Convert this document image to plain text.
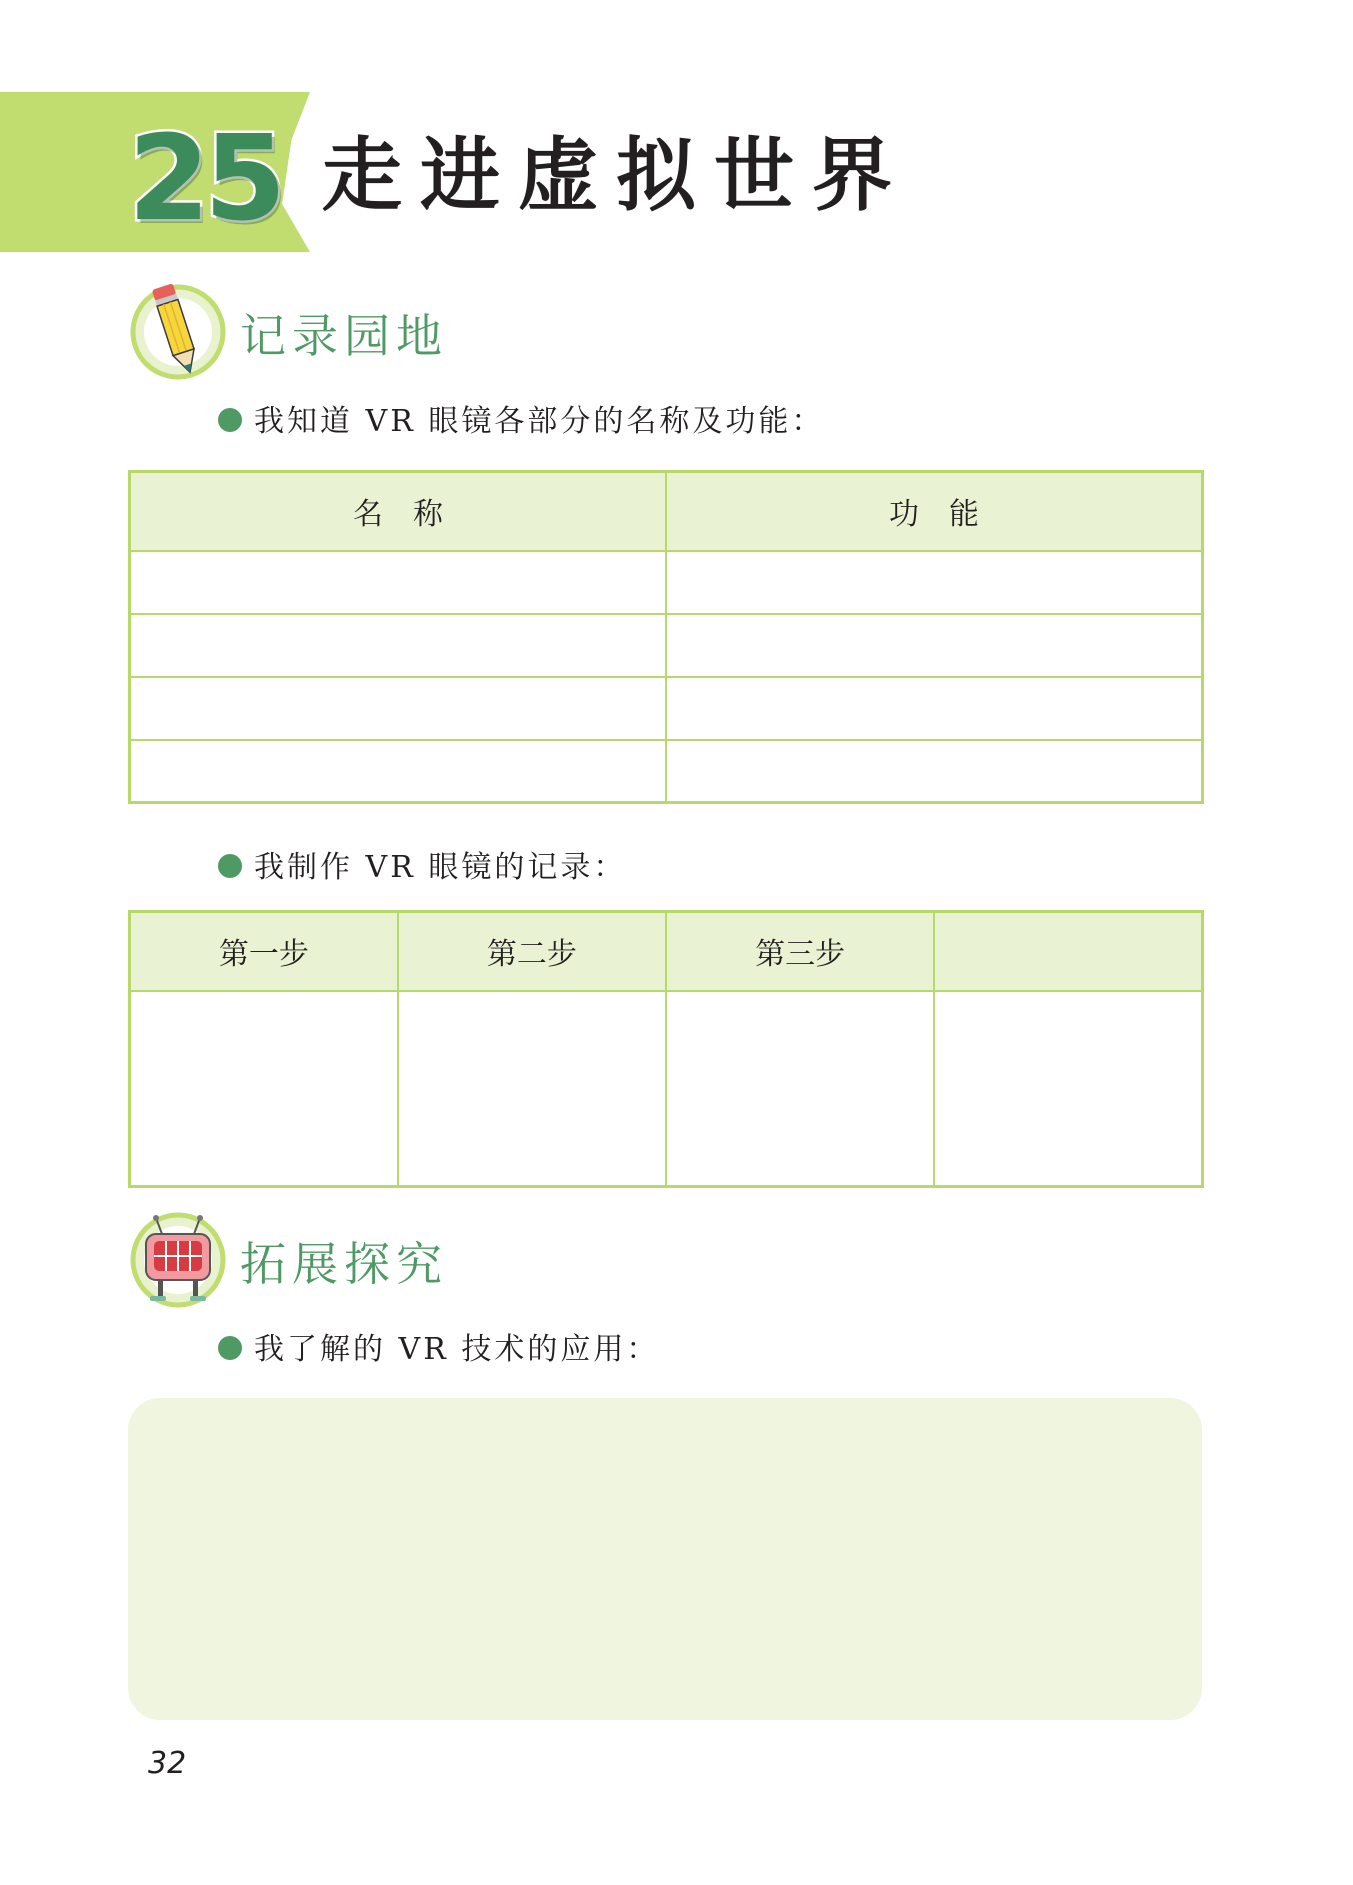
25 走进虚拟世界
记录园地
我知道 VR 眼镜各部分的名称及功能：
名　称	功　能

我制作 VR 眼镜的记录：
第一步	第二步	第三步	

拓展探究
我了解的 VR 技术的应用：
32
